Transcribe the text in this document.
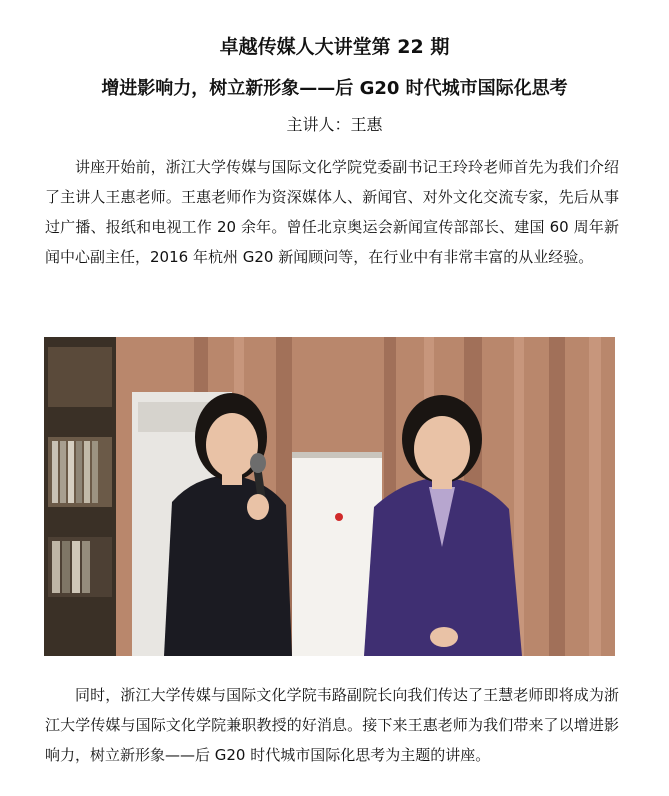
卓越传媒人大讲堂第 22 期
增进影响力，树立新形象——后 G20 时代城市国际化思考
主讲人：王惠

讲座开始前，浙江大学传媒与国际文化学院党委副书记王玲玲老师首先为我们介绍了主讲人王惠老师。王惠老师作为资深媒体人、新闻官、对外文化交流专家，先后从事过广播、报纸和电视工作 20 余年。曾任北京奥运会新闻宣传部部长、建国 60 周年新闻中心副主任，2016 年杭州 G20 新闻顾问等，在行业中有非常丰富的从业经验。

同时，浙江大学传媒与国际文化学院韦路副院长向我们传达了王慧老师即将成为浙江大学传媒与国际文化学院兼职教授的好消息。接下来王惠老师为我们带来了以增进影响力，树立新形象——后 G20 时代城市国际化思考为主题的讲座。
